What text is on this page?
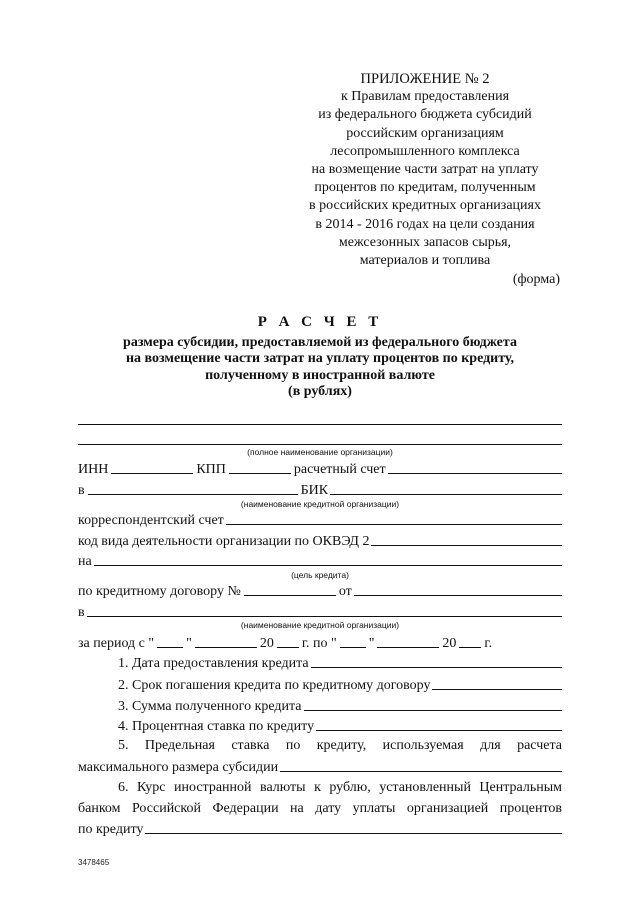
ПРИЛОЖЕНИЕ № 2
к Правилам предоставления
из федерального бюджета субсидий
российским организациям
лесопромышленного комплекса
на возмещение части затрат на уплату
процентов по кредитам, полученным
в российских кредитных организациях
в 2014 - 2016 годах на цели создания
межсезонных запасов сырья,
материалов и топлива
(форма)
Р А С Ч Е Т
размера субсидии, предоставляемой из федерального бюджета
на возмещение части затрат на уплату процентов по кредиту,
полученному в иностранной валюте
(в рублях)
(полное наименование организации)
ИНН	КПП	расчетный счет
в	БИК
(наименование кредитной организации)
корреспондентский счет
код вида деятельности организации по ОКВЭД 2
на
(цель кредита)
по кредитному договору №	от
в
(наименование кредитной организации)
за период с " "	20 г. по " "	20 г.
1. Дата предоставления кредита
2. Срок погашения кредита по кредитному договору
3. Сумма полученного кредита
4. Процентная ставка по кредиту
5. Предельная ставка по кредиту, используемая для расчета
максимального размера субсидии
6. Курс иностранной валюты к рублю, установленный Центральным
банком Российской Федерации на дату уплаты организацией процентов
по кредиту
3478465
